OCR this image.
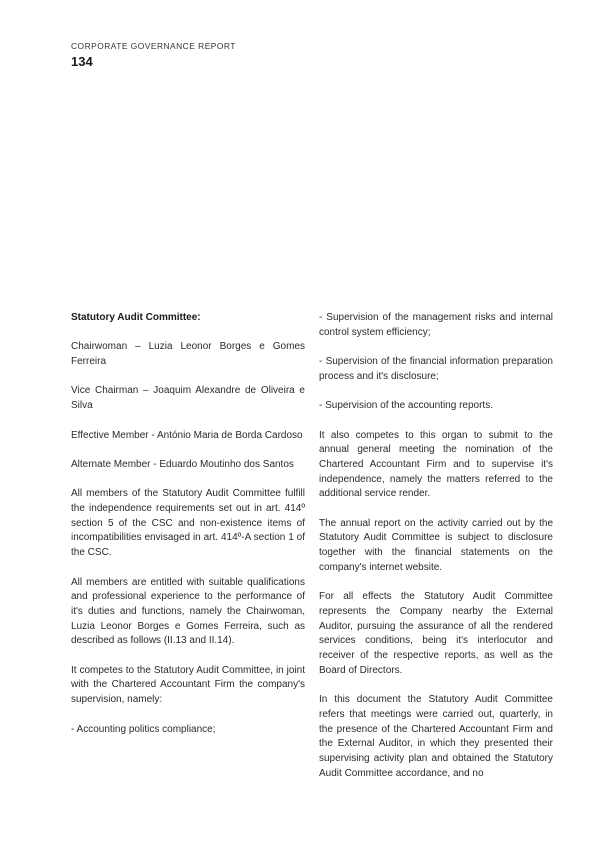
CORPORATE GOVERNANCE REPORT
134

Statutory Audit Committee:

Chairwoman – Luzia Leonor Borges e Gomes Ferreira

Vice Chairman – Joaquim Alexandre de Oliveira e Silva

Effective Member - António Maria de Borda Cardoso

Alternate Member - Eduardo Moutinho dos Santos

All members of the Statutory Audit Committee fulfill the independence requirements set out in art. 414º section 5 of the CSC and non-existence items of incompatibilities envisaged in art. 414º-A section 1 of the CSC.

All members are entitled with suitable qualifications and professional experience to the performance of it's duties and functions, namely the Chairwoman, Luzia Leonor Borges e Gomes Ferreira, such as described as follows (II.13 and II.14).

It competes to the Statutory Audit Committee, in joint with the Chartered Accountant Firm the company's supervision, namely:

- Accounting politics compliance;

- Supervision of the management risks and internal control system efficiency;

- Supervision of the financial information preparation process and it's disclosure;

- Supervision of the accounting reports.

It also competes to this organ to submit to the annual general meeting the nomination of the Chartered Accountant Firm and to supervise it's independence, namely the matters referred to the additional service render.

The annual report on the activity carried out by the Statutory Audit Committee is subject to disclosure together with the financial statements on the company's internet website.

For all effects the Statutory Audit Committee represents the Company nearby the External Auditor, pursuing the assurance of all the rendered services conditions, being it's interlocutor and receiver of the respective reports, as well as the Board of Directors.

In this document the Statutory Audit Committee refers that meetings were carried out, quarterly, in the presence of the Chartered Accountant Firm and the External Auditor, in which they presented their supervising activity plan and obtained the Statutory Audit Committee accordance, and no
